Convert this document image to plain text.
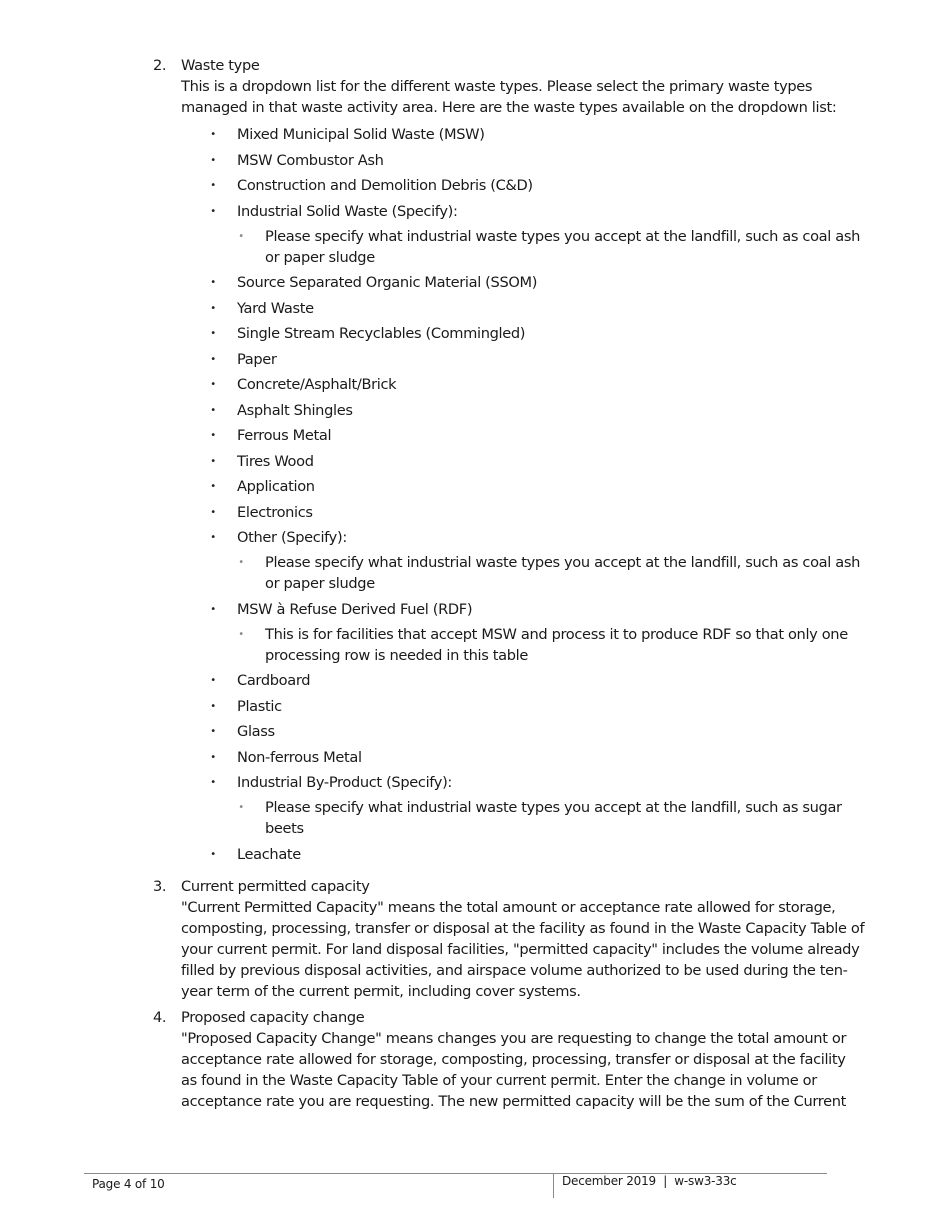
2.	Waste type
This is a dropdown list for the different waste types. Please select the primary waste types managed in that waste activity area. Here are the waste types available on the dropdown list:
• Mixed Municipal Solid Waste (MSW)
• MSW Combustor Ash
• Construction and Demolition Debris (C&D)
• Industrial Solid Waste (Specify):
• Please specify what industrial waste types you accept at the landfill, such as coal ash or paper sludge
• Source Separated Organic Material (SSOM)
• Yard Waste
• Single Stream Recyclables (Commingled)
• Paper
• Concrete/Asphalt/Brick
• Asphalt Shingles
• Ferrous Metal
• Tires Wood
• Application
• Electronics
• Other (Specify):
• Please specify what industrial waste types you accept at the landfill, such as coal ash or paper sludge
• MSW à Refuse Derived Fuel (RDF)
• This is for facilities that accept MSW and process it to produce RDF so that only one processing row is needed in this table
• Cardboard
• Plastic
• Glass
• Non-ferrous Metal
• Industrial By-Product (Specify):
• Please specify what industrial waste types you accept at the landfill, such as sugar beets
• Leachate
3.	Current permitted capacity
"Current Permitted Capacity" means the total amount or acceptance rate allowed for storage, composting, processing, transfer or disposal at the facility as found in the Waste Capacity Table of your current permit. For land disposal facilities, "permitted capacity" includes the volume already filled by previous disposal activities, and airspace volume authorized to be used during the ten-year term of the current permit, including cover systems.
4.	Proposed capacity change
"Proposed Capacity Change" means changes you are requesting to change the total amount or acceptance rate allowed for storage, composting, processing, transfer or disposal at the facility as found in the Waste Capacity Table of your current permit. Enter the change in volume or acceptance rate you are requesting. The new permitted capacity will be the sum of the Current
Page 4 of 10	December 2019 | w-sw3-33c
